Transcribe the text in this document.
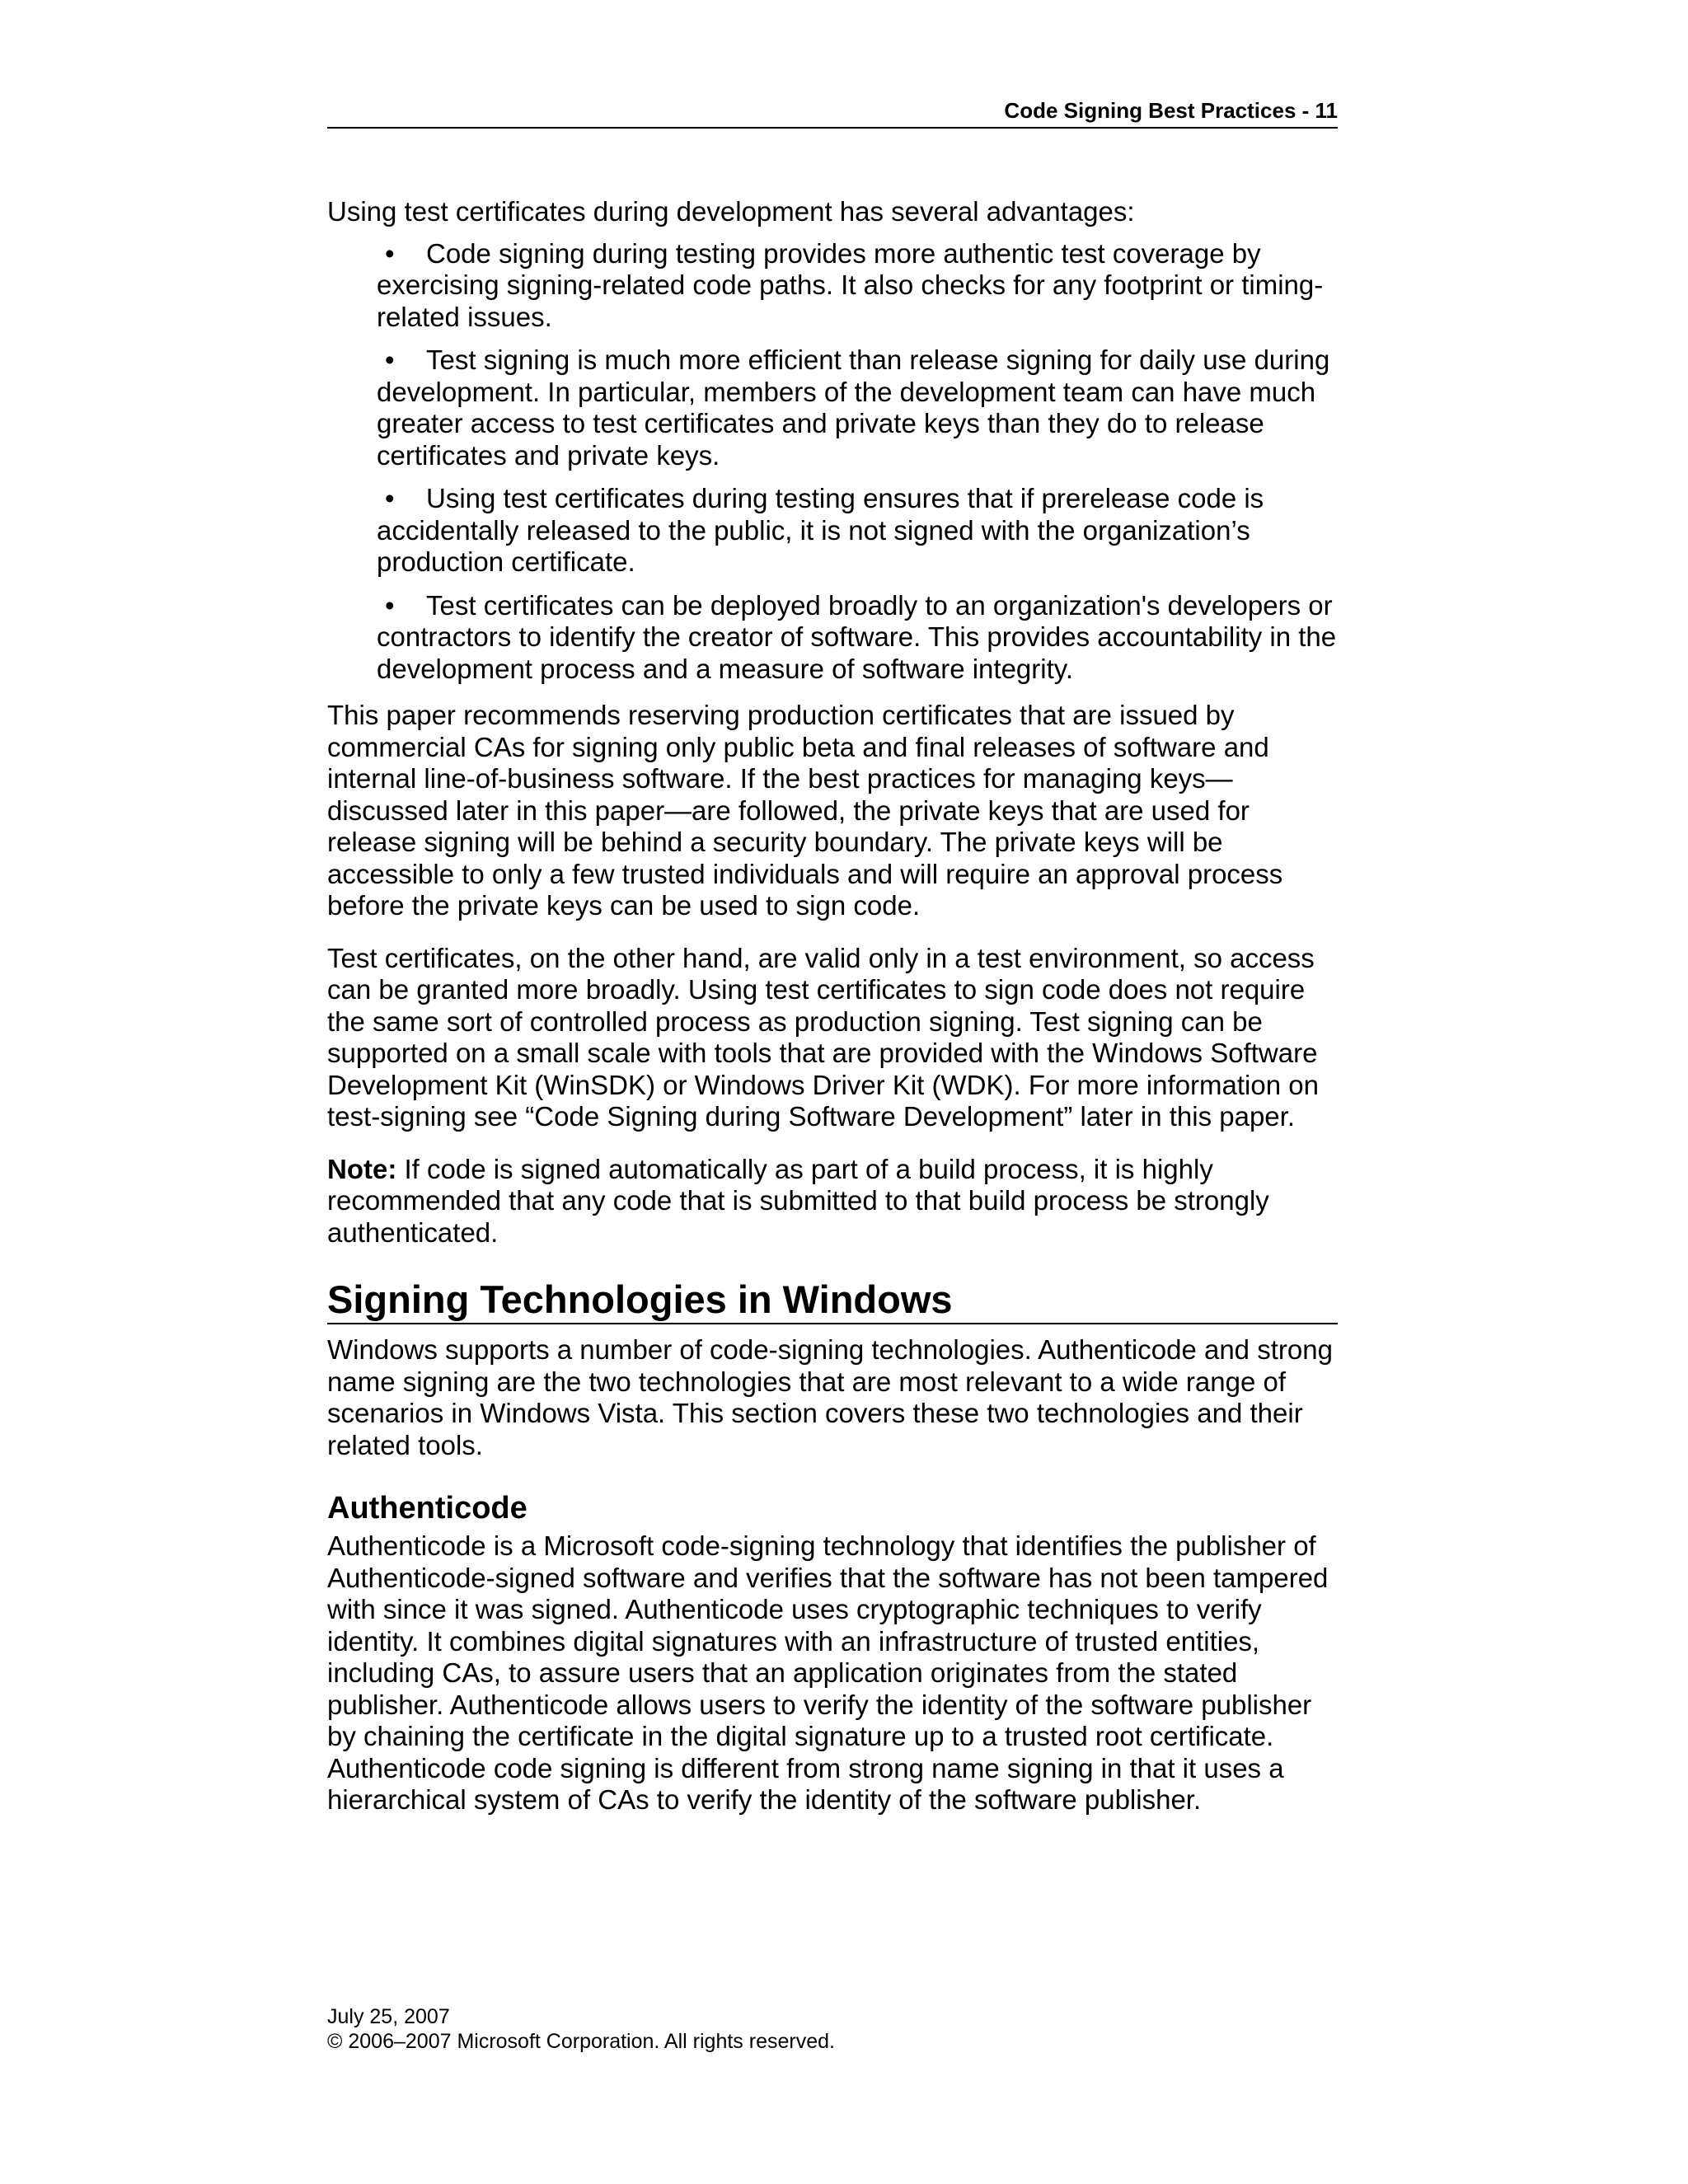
Code Signing Best Practices - 11

Using test certificates during development has several advantages:

• Code signing during testing provides more authentic test coverage by exercising signing-related code paths. It also checks for any footprint or timing-related issues.
• Test signing is much more efficient than release signing for daily use during development. In particular, members of the development team can have much greater access to test certificates and private keys than they do to release certificates and private keys.
• Using test certificates during testing ensures that if prerelease code is accidentally released to the public, it is not signed with the organization’s production certificate.
• Test certificates can be deployed broadly to an organization's developers or contractors to identify the creator of software. This provides accountability in the development process and a measure of software integrity.

This paper recommends reserving production certificates that are issued by commercial CAs for signing only public beta and final releases of software and internal line-of-business software. If the best practices for managing keys—discussed later in this paper—are followed, the private keys that are used for release signing will be behind a security boundary. The private keys will be accessible to only a few trusted individuals and will require an approval process before the private keys can be used to sign code.

Test certificates, on the other hand, are valid only in a test environment, so access can be granted more broadly. Using test certificates to sign code does not require the same sort of controlled process as production signing. Test signing can be supported on a small scale with tools that are provided with the Windows Software Development Kit (WinSDK) or Windows Driver Kit (WDK). For more information on test-signing see “Code Signing during Software Development” later in this paper.

Note: If code is signed automatically as part of a build process, it is highly recommended that any code that is submitted to that build process be strongly authenticated.

Signing Technologies in Windows

Windows supports a number of code-signing technologies. Authenticode and strong name signing are the two technologies that are most relevant to a wide range of scenarios in Windows Vista. This section covers these two technologies and their related tools.

Authenticode

Authenticode is a Microsoft code-signing technology that identifies the publisher of Authenticode-signed software and verifies that the software has not been tampered with since it was signed. Authenticode uses cryptographic techniques to verify identity. It combines digital signatures with an infrastructure of trusted entities, including CAs, to assure users that an application originates from the stated publisher. Authenticode allows users to verify the identity of the software publisher by chaining the certificate in the digital signature up to a trusted root certificate. Authenticode code signing is different from strong name signing in that it uses a hierarchical system of CAs to verify the identity of the software publisher.

July 25, 2007
© 2006–2007 Microsoft Corporation. All rights reserved.
